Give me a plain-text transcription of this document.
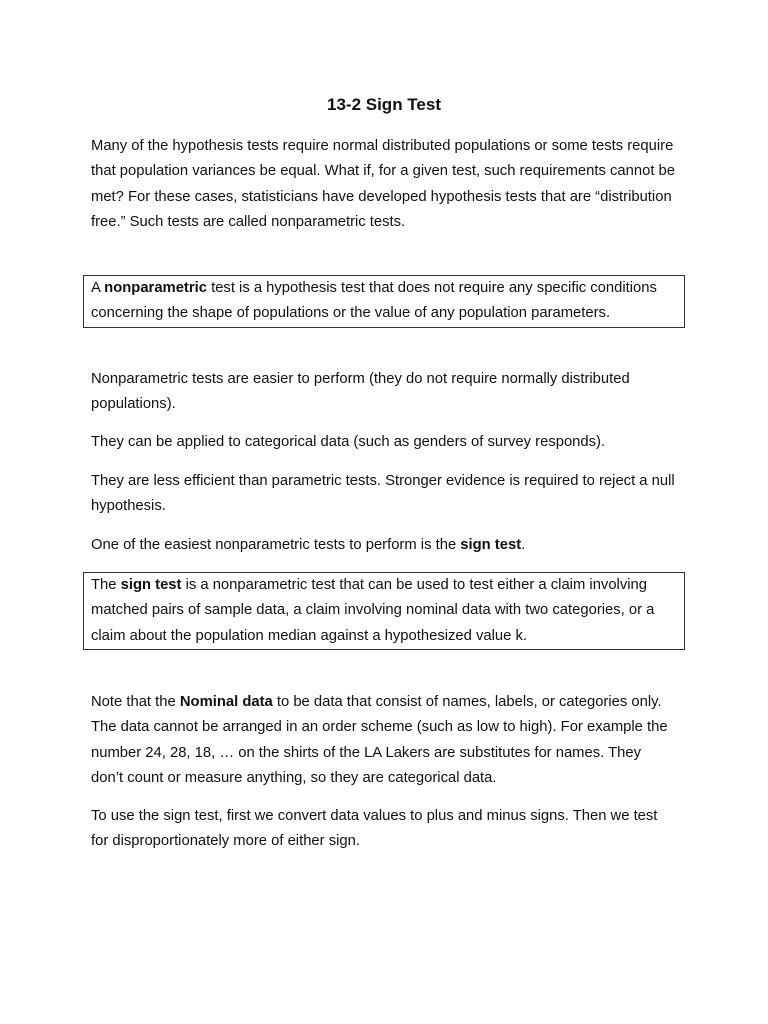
13-2 Sign Test

Many of the hypothesis tests require normal distributed populations or some tests require that population variances be equal. What if, for a given test, such requirements cannot be met? For these cases, statisticians have developed hypothesis tests that are “distribution free.” Such tests are called nonparametric tests.

A nonparametric test is a hypothesis test that does not require any specific conditions concerning the shape of populations or the value of any population parameters.

Nonparametric tests are easier to perform (they do not require normally distributed populations).

They can be applied to categorical data (such as genders of survey responds).

They are less efficient than parametric tests. Stronger evidence is required to reject a null hypothesis.

One of the easiest nonparametric tests to perform is the sign test.

The sign test is a nonparametric test that can be used to test either a claim involving matched pairs of sample data, a claim involving nominal data with two categories, or a claim about the population median against a hypothesized value k.

Note that the Nominal data to be data that consist of names, labels, or categories only. The data cannot be arranged in an order scheme (such as low to high). For example the number 24, 28, 18, … on the shirts of the LA Lakers are substitutes for names. They don’t count or measure anything, so they are categorical data.

To use the sign test, first we convert data values to plus and minus signs. Then we test for disproportionately more of either sign.
